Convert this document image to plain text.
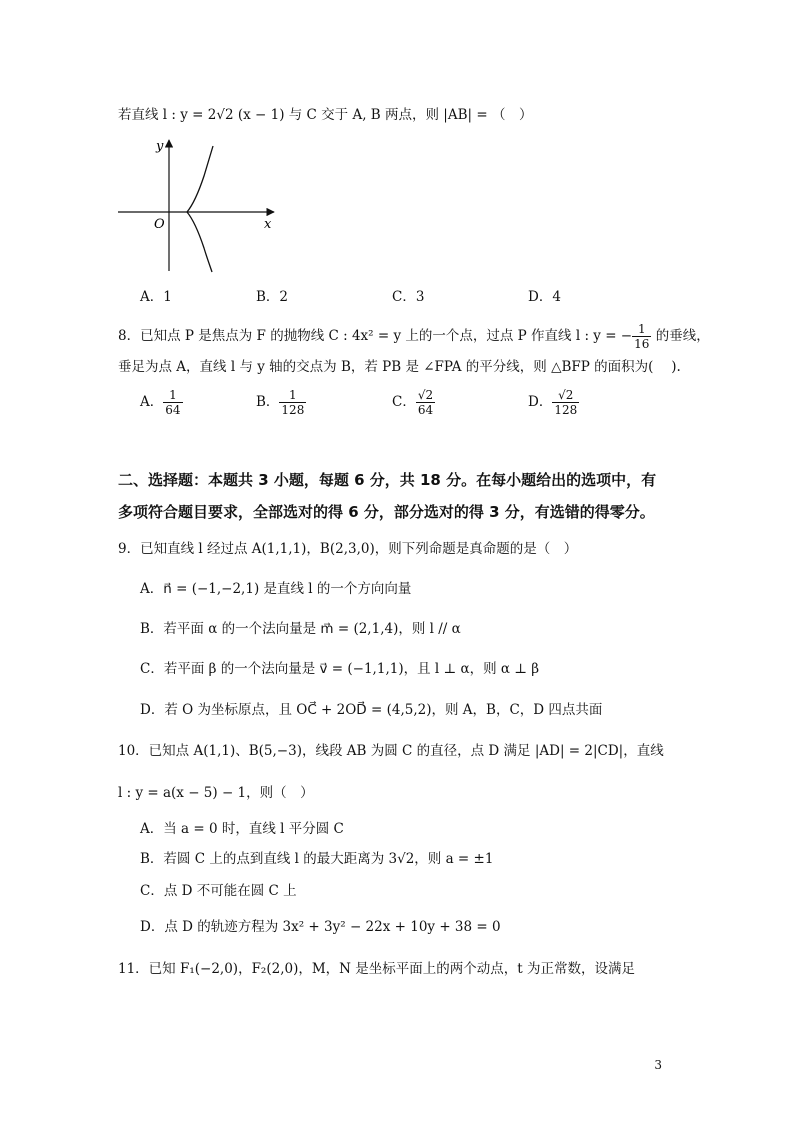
若直线 l : y = 2√2 (x − 1) 与 C 交于 A, B 两点，则 |AB| = （　）
y
x
O
A．1	B．2	C．3	D．4
8．已知点 P 是焦点为 F 的抛物线 C : 4x² = y 上的一个点，过点 P 作直线 l : y = − $\frac{1}{16}$ 的垂线，
垂足为点 A，直线 l 与 y 轴的交点为 B，若 PB 是 ∠FPA 的平分线，则 △BFP 的面积为(　 ).
A． $\frac{1}{64}$	B． $\frac{1}{128}$	C． $\frac{√2}{64}$	D． $\frac{√2}{128}$
二、选择题：本题共 3 小题，每题 6 分，共 18 分。在每小题给出的选项中，有
多项符合题目要求，全部选对的得 6 分，部分选对的得 3 分，有选错的得零分。
9．已知直线 l 经过点 A(1,1,1)，B(2,3,0)，则下列命题是真命题的是（　）
A．n⃗ = (−1,−2,1) 是直线 l 的一个方向向量
B．若平面 α 的一个法向量是 m⃗ = (2,1,4)，则 l // α
C．若平面 β 的一个法向量是 v⃗ = (−1,1,1)，且 l ⊥ α，则 α ⊥ β
D．若 O 为坐标原点，且 OC⃗ + 2OD⃗ = (4,5,2)，则 A，B，C，D 四点共面
10．已知点 A(1,1)、B(5,−3)，线段 AB 为圆 C 的直径，点 D 满足 |AD| = 2|CD|，直线
l : y = a(x − 5) − 1，则（　）
A．当 a = 0 时，直线 l 平分圆 C
B．若圆 C 上的点到直线 l 的最大距离为 3√2，则 a = ±1
C．点 D 不可能在圆 C 上
D．点 D 的轨迹方程为 3x² + 3y² − 22x + 10y + 38 = 0
11．已知 F₁(−2,0)，F₂(2,0)，M，N 是坐标平面上的两个动点，t 为正常数，设满足
3
